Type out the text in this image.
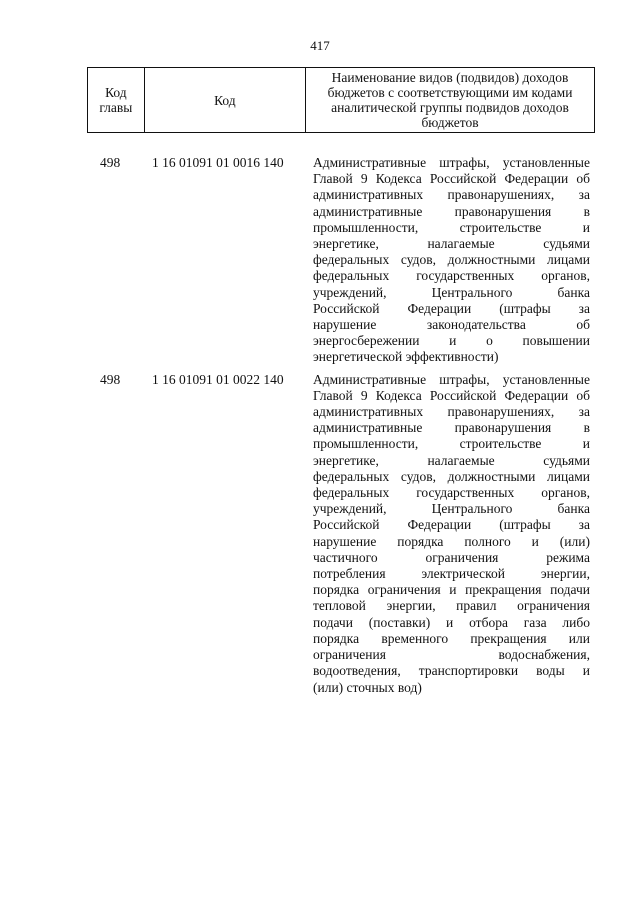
417
Код главы	Код	Наименование видов (подвидов) доходов бюджетов с соответствующими им кодами аналитической группы подвидов доходов бюджетов
498	1 16 01091 01 0016 140 Административные штрафы, установленные
Главой 9 Кодекса Российской Федерации об
административных правонарушениях, за
административные правонарушения в
промышленности, строительстве и
энергетике, налагаемые судьями
федеральных судов, должностными лицами
федеральных государственных органов,
учреждений, Центрального банка
Российской Федерации (штрафы за
нарушение законодательства об
энергосбережении и о повышении
энергетической эффективности)
498	1 16 01091 01 0022 140 Административные штрафы, установленные
Главой 9 Кодекса Российской Федерации об
административных правонарушениях, за
административные правонарушения в
промышленности, строительстве и
энергетике, налагаемые судьями
федеральных судов, должностными лицами
федеральных государственных органов,
учреждений, Центрального банка
Российской Федерации (штрафы за
нарушение порядка полного и (или)
частичного ограничения режима
потребления электрической энергии,
порядка ограничения и прекращения подачи
тепловой энергии, правил ограничения
подачи (поставки) и отбора газа либо
порядка временного прекращения или
ограничения водоснабжения,
водоотведения, транспортировки воды и
(или) сточных вод)
